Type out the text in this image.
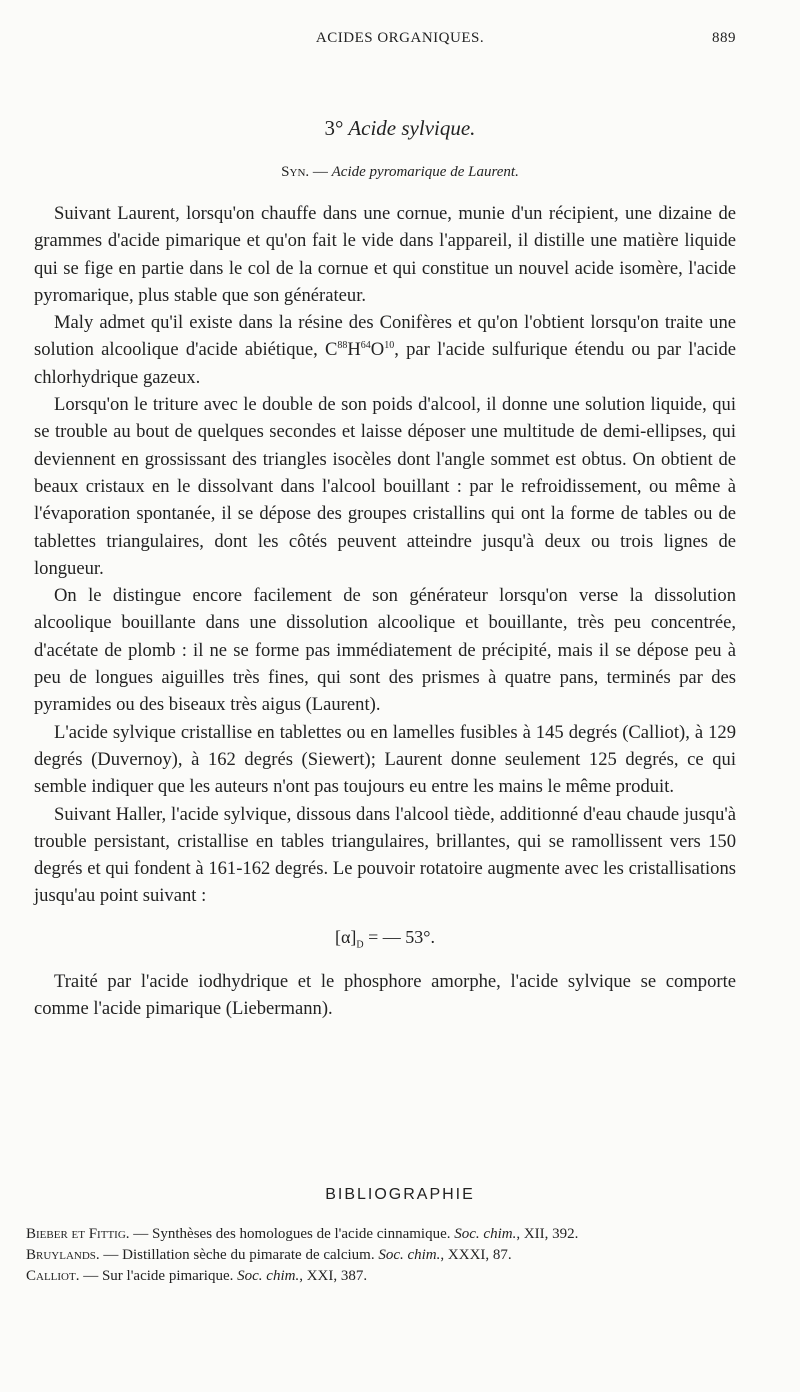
ACIDES ORGANIQUES.	889
3° Acide sylvique.
Syn. — Acide pyromarique de Laurent.

Suivant Laurent, lorsqu'on chauffe dans une cornue, munie d'un récipient, une dizaine de grammes d'acide pimarique et qu'on fait le vide dans l'appareil, il distille une matière liquide qui se fige en partie dans le col de la cornue et qui constitue un nouvel acide isomère, l'acide pyromarique, plus stable que son générateur.

Maly admet qu'il existe dans la résine des Conifères et qu'on l'obtient lorsqu'on traite une solution alcoolique d'acide abiétique, $C^{88}H^{64}O^{10}$, par l'acide sulfurique étendu ou par l'acide chlorhydrique gazeux.

Lorsqu'on le triture avec le double de son poids d'alcool, il donne une solution liquide, qui se trouble au bout de quelques secondes et laisse déposer une multitude de demi-ellipses, qui deviennent en grossissant des triangles isocèles dont l'angle sommet est obtus. On obtient de beaux cristaux en le dissolvant dans l'alcool bouillant : par le refroidissement, ou même à l'évaporation spontanée, il se dépose des groupes cristallins qui ont la forme de tables ou de tablettes triangulaires, dont les côtés peuvent atteindre jusqu'à deux ou trois lignes de longueur.

On le distingue encore facilement de son générateur lorsqu'on verse la dissolution alcoolique bouillante dans une dissolution alcoolique et bouillante, très peu concentrée, d'acétate de plomb : il ne se forme pas immédiatement de précipité, mais il se dépose peu à peu de longues aiguilles très fines, qui sont des prismes à quatre pans, terminés par des pyramides ou des biseaux très aigus (Laurent).

L'acide sylvique cristallise en tablettes ou en lamelles fusibles à 145 degrés (Calliot), à 129 degrés (Duvernoy), à 162 degrés (Siewert); Laurent donne seulement 125 degrés, ce qui semble indiquer que les auteurs n'ont pas toujours eu entre les mains le même produit.

Suivant Haller, l'acide sylvique, dissous dans l'alcool tiède, additionné d'eau chaude jusqu'à trouble persistant, cristallise en tables triangulaires, brillantes, qui se ramollissent vers 150 degrés et qui fondent à 161-162 degrés. Le pouvoir rotatoire augmente avec les cristallisations jusqu'au point suivant :

$[\alpha]_D$ = — 53°.

Traité par l'acide iodhydrique et le phosphore amorphe, l'acide sylvique se comporte comme l'acide pimarique (Liebermann).

BIBLIOGRAPHIE
Bieber et Fittig. — Synthèses des homologues de l'acide cinnamique. Soc. chim., XII, 392.
Bruylands. — Distillation sèche du pimarate de calcium. Soc. chim., XXXI, 87.
Calliot. — Sur l'acide pimarique. Soc. chim., XXI, 387.
